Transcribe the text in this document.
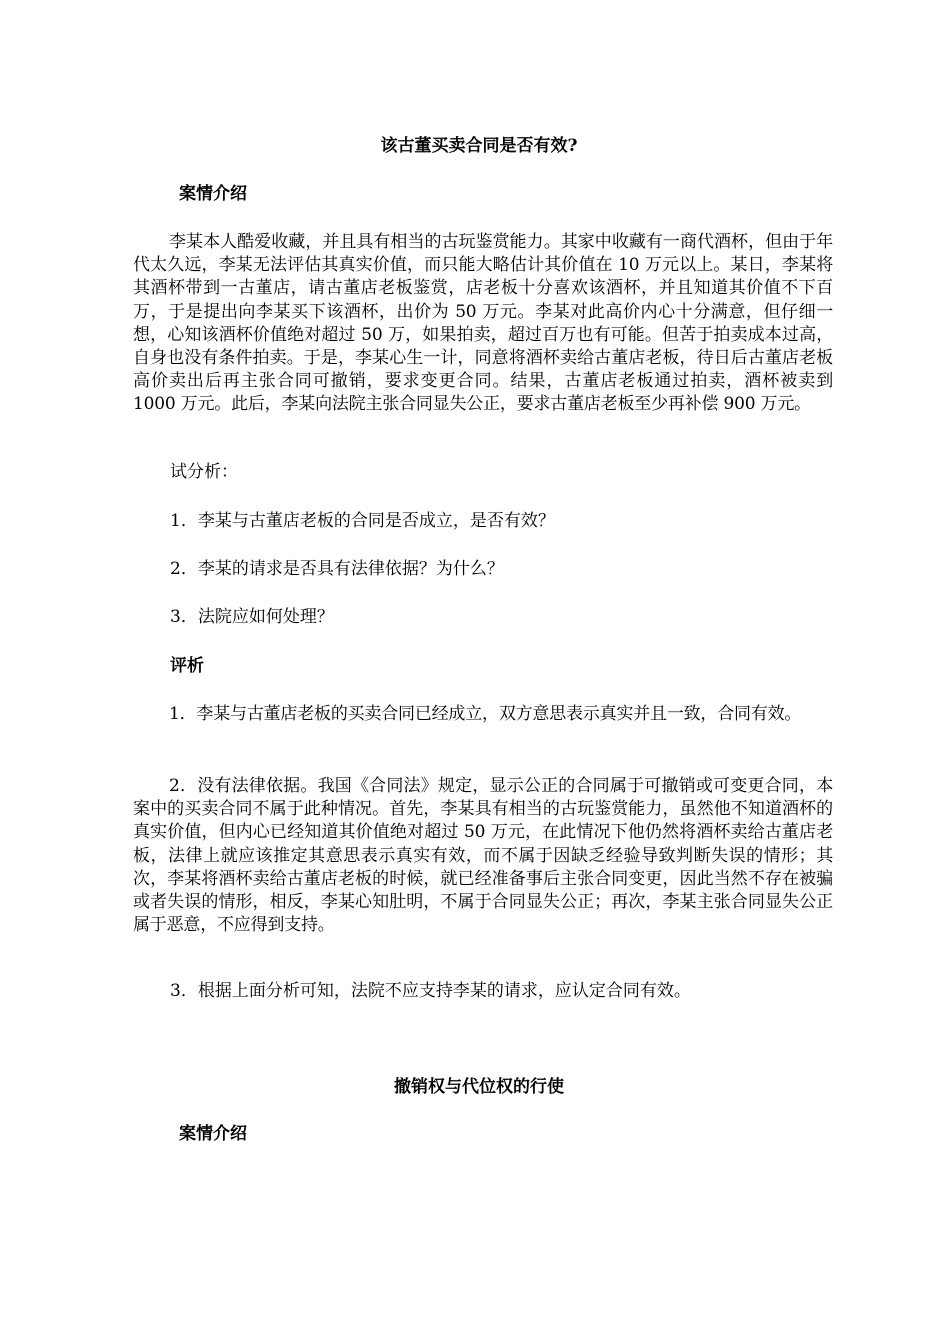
该古董买卖合同是否有效?
案情介绍
李某本人酷爱收藏，并且具有相当的古玩鉴赏能力。其家中收藏有一商代酒杯，但由于年代太久远，李某无法评估其真实价值，而只能大略估计其价值在 10 万元以上。某日，李某将其酒杯带到一古董店，请古董店老板鉴赏，店老板十分喜欢该酒杯，并且知道其价值不下百万，于是提出向李某买下该酒杯，出价为 50 万元。李某对此高价内心十分满意，但仔细一想，心知该酒杯价值绝对超过 50 万，如果拍卖，超过百万也有可能。但苦于拍卖成本过高，自身也没有条件拍卖。于是，李某心生一计，同意将酒杯卖给古董店老板，待日后古董店老板高价卖出后再主张合同可撤销，要求变更合同。结果，古董店老板通过拍卖，酒杯被卖到 1000 万元。此后，李某向法院主张合同显失公正，要求古董店老板至少再补偿 900 万元。
试分析：
1．李某与古董店老板的合同是否成立，是否有效？
2．李某的请求是否具有法律依据？为什么？
3．法院应如何处理？
评析
1．李某与古董店老板的买卖合同已经成立，双方意思表示真实并且一致，合同有效。
2．没有法律依据。我国《合同法》规定，显示公正的合同属于可撤销或可变更合同，本案中的买卖合同不属于此种情况。首先，李某具有相当的古玩鉴赏能力，虽然他不知道酒杯的真实价值，但内心已经知道其价值绝对超过 50 万元，在此情况下他仍然将酒杯卖给古董店老板，法律上就应该推定其意思表示真实有效，而不属于因缺乏经验导致判断失误的情形；其次，李某将酒杯卖给古董店老板的时候，就已经准备事后主张合同变更，因此当然不存在被骗或者失误的情形，相反，李某心知肚明，不属于合同显失公正；再次，李某主张合同显失公正属于恶意，不应得到支持。
3．根据上面分析可知，法院不应支持李某的请求，应认定合同有效。
撤销权与代位权的行使
案情介绍
